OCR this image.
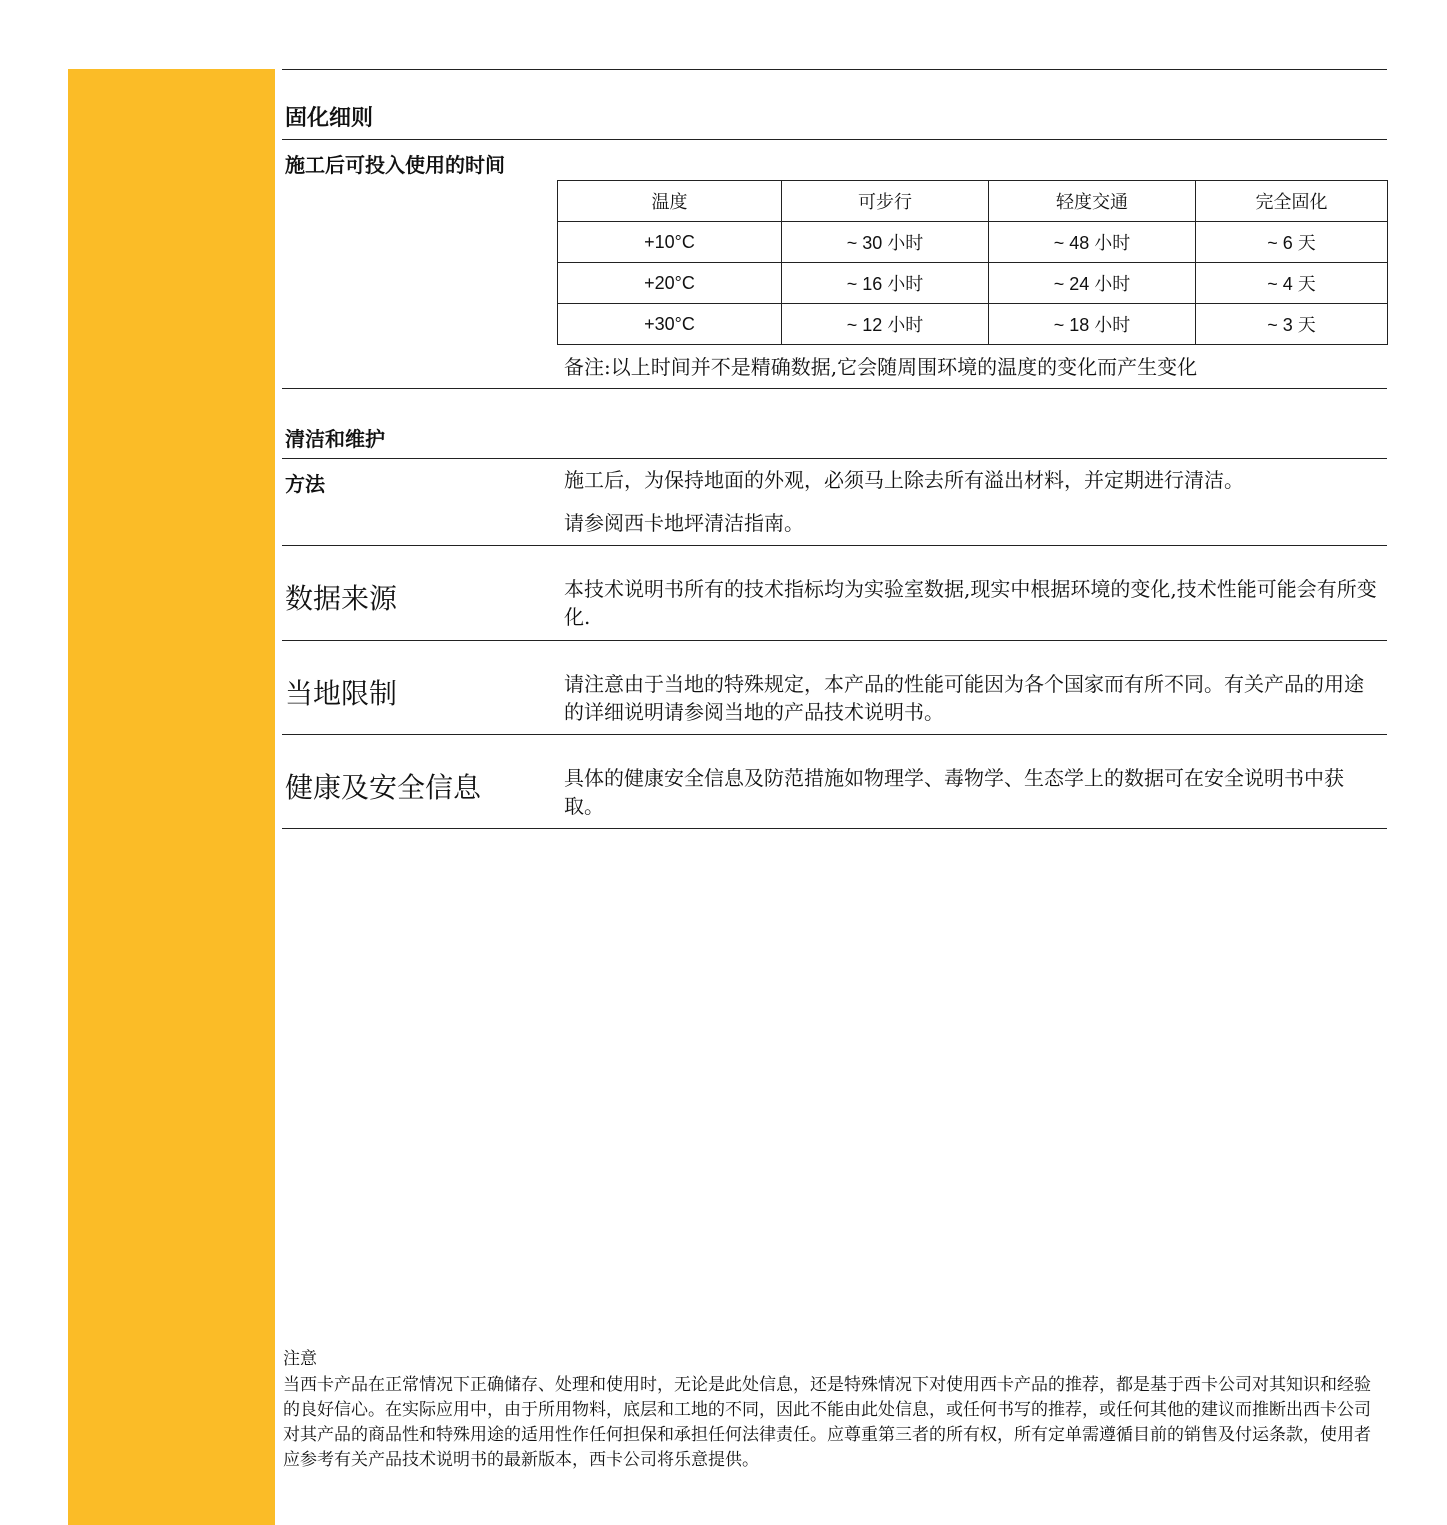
固化细则
施工后可投入使用的时间
温度	可步行	轻度交通	完全固化
+10°C	~ 30 小时	~ 48 小时	~ 6 天
+20°C	~ 16 小时	~ 24 小时	~ 4 天
+30°C	~ 12 小时	~ 18 小时	~ 3 天
备注:以上时间并不是精确数据,它会随周围环境的温度的变化而产生变化
清洁和维护
方法	施工后，为保持地面的外观，必须马上除去所有溢出材料，并定期进行清洁。
请参阅西卡地坪清洁指南。
数据来源	本技术说明书所有的技术指标均为实验室数据,现实中根据环境的变化,技术性能可能会有所变化.
当地限制	请注意由于当地的特殊规定，本产品的性能可能因为各个国家而有所不同。有关产品的用途的详细说明请参阅当地的产品技术说明书。
健康及安全信息	具体的健康安全信息及防范措施如物理学、毒物学、生态学上的数据可在安全说明书中获取。
注意
当西卡产品在正常情况下正确储存、处理和使用时，无论是此处信息，还是特殊情况下对使用西卡产品的推荐，都是基于西卡公司对其知识和经验的良好信心。在实际应用中，由于所用物料，底层和工地的不同，因此不能由此处信息，或任何书写的推荐，或任何其他的建议而推断出西卡公司对其产品的商品性和特殊用途的适用性作任何担保和承担任何法律责任。应尊重第三者的所有权，所有定单需遵循目前的销售及付运条款，使用者应参考有关产品技术说明书的最新版本，西卡公司将乐意提供。
